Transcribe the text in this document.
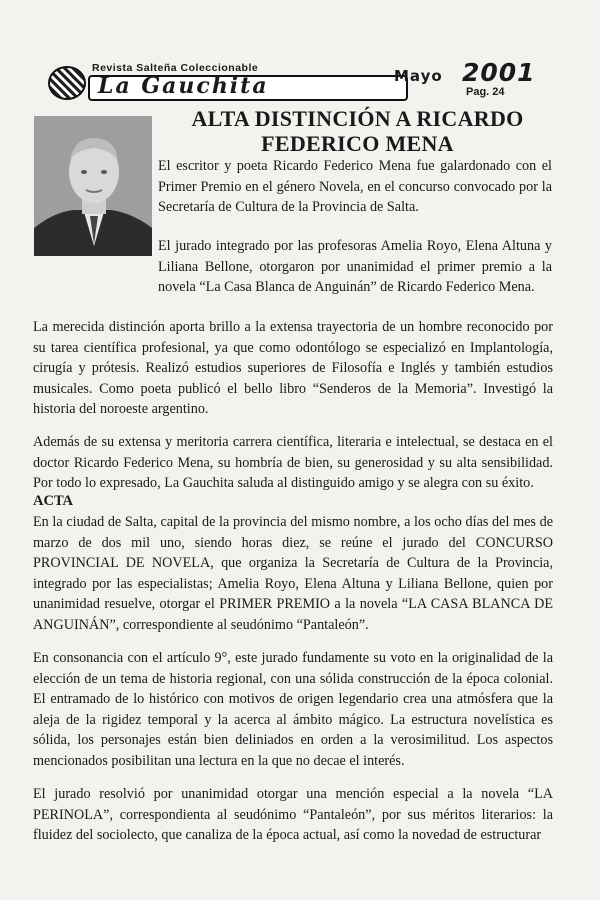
Revista Salteña Coleccionable
La Gauchita	Mayo 2001
Pag. 24
ALTA DISTINCIÓN A RICARDO FEDERICO MENA

El escritor y poeta Ricardo Federico Mena fue galardonado con el Primer Premio en el género Novela, en el concurso convocado por la Secretaría de Cultura de la Provincia de Salta.

El jurado integrado por las profesoras Amelia Royo, Elena Altuna y Liliana Bellone, otorgaron por unanimidad el primer premio a la novela “La Casa Blanca de Anguinán” de Ricardo Federico Mena.

La merecida distinción aporta brillo a la extensa trayectoria de un hombre reconocido por su tarea científica profesional, ya que como odontólogo se especializó en Implantología, cirugía y prótesis. Realizó estudios superiores de Filosofía e Inglés y también estudios musicales. Como poeta publicó el bello libro “Senderos de la Memoria”. Investigó la historia del noroeste argentino.

Además de su extensa y meritoria carrera científica, literaria e intelectual, se destaca en el doctor Ricardo Federico Mena, su hombría de bien, su generosidad y su alta sensibilidad. Por todo lo expresado, La Gauchita saluda al distinguido amigo y se alegra con su éxito.

ACTA

En la ciudad de Salta, capital de la provincia del mismo nombre, a los ocho días del mes de marzo de dos mil uno, siendo horas diez, se reúne el jurado del CONCURSO PROVINCIAL DE NOVELA, que organiza la Secretaría de Cultura de la Provincia, integrado por las especialistas; Amelia Royo, Elena Altuna y Liliana Bellone, quien por unanimidad resuelve, otorgar el PRIMER PREMIO a la novela “LA CASA BLANCA DE ANGUINÁN”, correspondiente al seudónimo “Pantaleón”.

En consonancia con el artículo 9°, este jurado fundamente su voto en la originalidad de la elección de un tema de historia regional, con una sólida construcción de la época colonial. El entramado de lo histórico con motivos de origen legendario crea una atmósfera que la aleja de la rigidez temporal y la acerca al ámbito mágico. La estructura novelística es sólida, los personajes están bien deliniados en orden a la verosimilitud. Los aspectos mencionados posibilitan una lectura en la que no decae el interés.

El jurado resolvió por unanimidad otorgar una mención especial a la novela “LA PERINOLA”, correspondienta al seudónimo “Pantaleón”, por sus méritos literarios: la fluidez del sociolecto, que canaliza de la época actual, así como la novedad de estructurar
